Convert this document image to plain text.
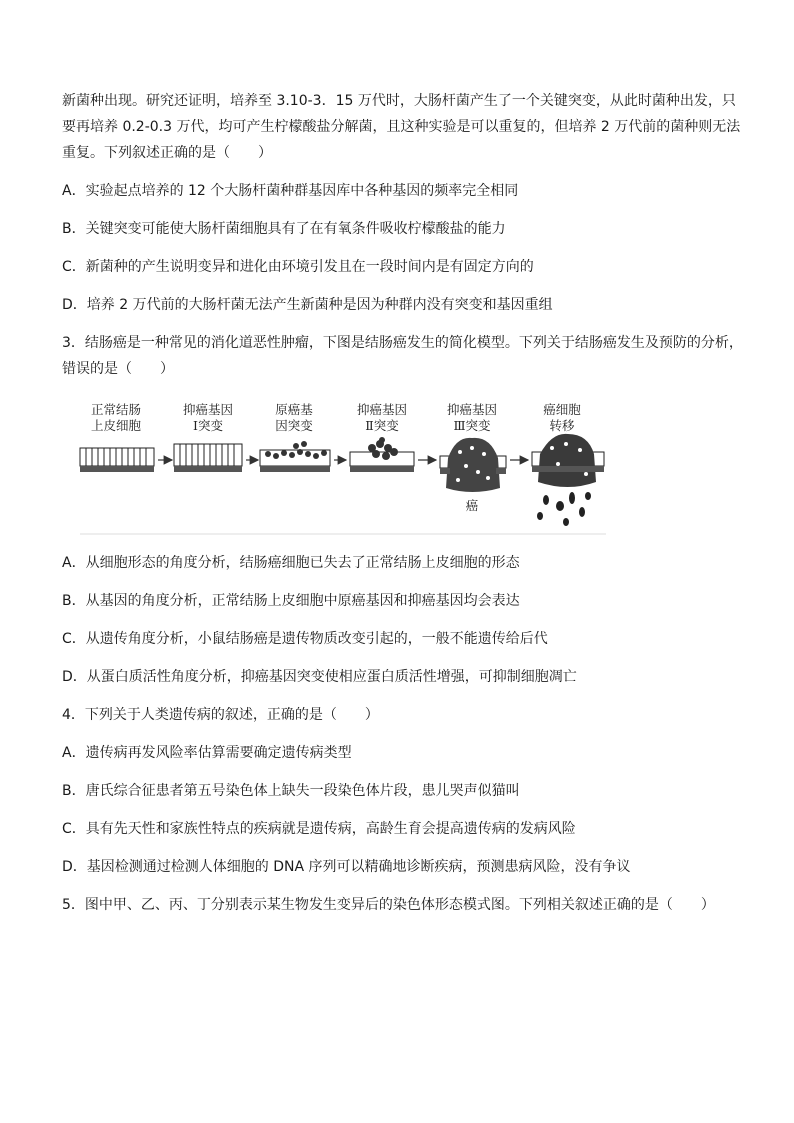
新菌种出现。研究还证明，培养至 3.10-3．15 万代时，大肠杆菌产生了一个关键突变，从此时菌种出发，只
要再培养 0.2-0.3 万代，均可产生柠檬酸盐分解菌，且这种实验是可以重复的，但培养 2 万代前的菌种则无法
重复。下列叙述正确的是（　　）
A．实验起点培养的 12 个大肠杆菌种群基因库中各种基因的频率完全相同
B．关键突变可能使大肠杆菌细胞具有了在有氧条件吸收柠檬酸盐的能力
C．新菌种的产生说明变异和进化由环境引发且在一段时间内是有固定方向的
D．培养 2 万代前的大肠杆菌无法产生新菌种是因为种群内没有突变和基因重组
3．结肠癌是一种常见的消化道恶性肿瘤，下图是结肠癌发生的简化模型。下列关于结肠癌发生及预防的分析，
错误的是（　　）
正常结肠
上皮细胞
抑癌基因
Ⅰ突变
原癌基
因突变
抑癌基因
Ⅱ突变
抑癌基因
Ⅲ突变
癌细胞
转移
癌
A．从细胞形态的角度分析，结肠癌细胞已失去了正常结肠上皮细胞的形态
B．从基因的角度分析，正常结肠上皮细胞中原癌基因和抑癌基因均会表达
C．从遗传角度分析，小鼠结肠癌是遗传物质改变引起的，一般不能遗传给后代
D．从蛋白质活性角度分析，抑癌基因突变使相应蛋白质活性增强，可抑制细胞凋亡
4．下列关于人类遗传病的叙述，正确的是（　　）
A．遗传病再发风险率估算需要确定遗传病类型
B．唐氏综合征患者第五号染色体上缺失一段染色体片段，患儿哭声似猫叫
C．具有先天性和家族性特点的疾病就是遗传病，高龄生育会提高遗传病的发病风险
D．基因检测通过检测人体细胞的 DNA 序列可以精确地诊断疾病，预测患病风险，没有争议
5．图中甲、乙、丙、丁分别表示某生物发生变异后的染色体形态模式图。下列相关叙述正确的是（　　）
